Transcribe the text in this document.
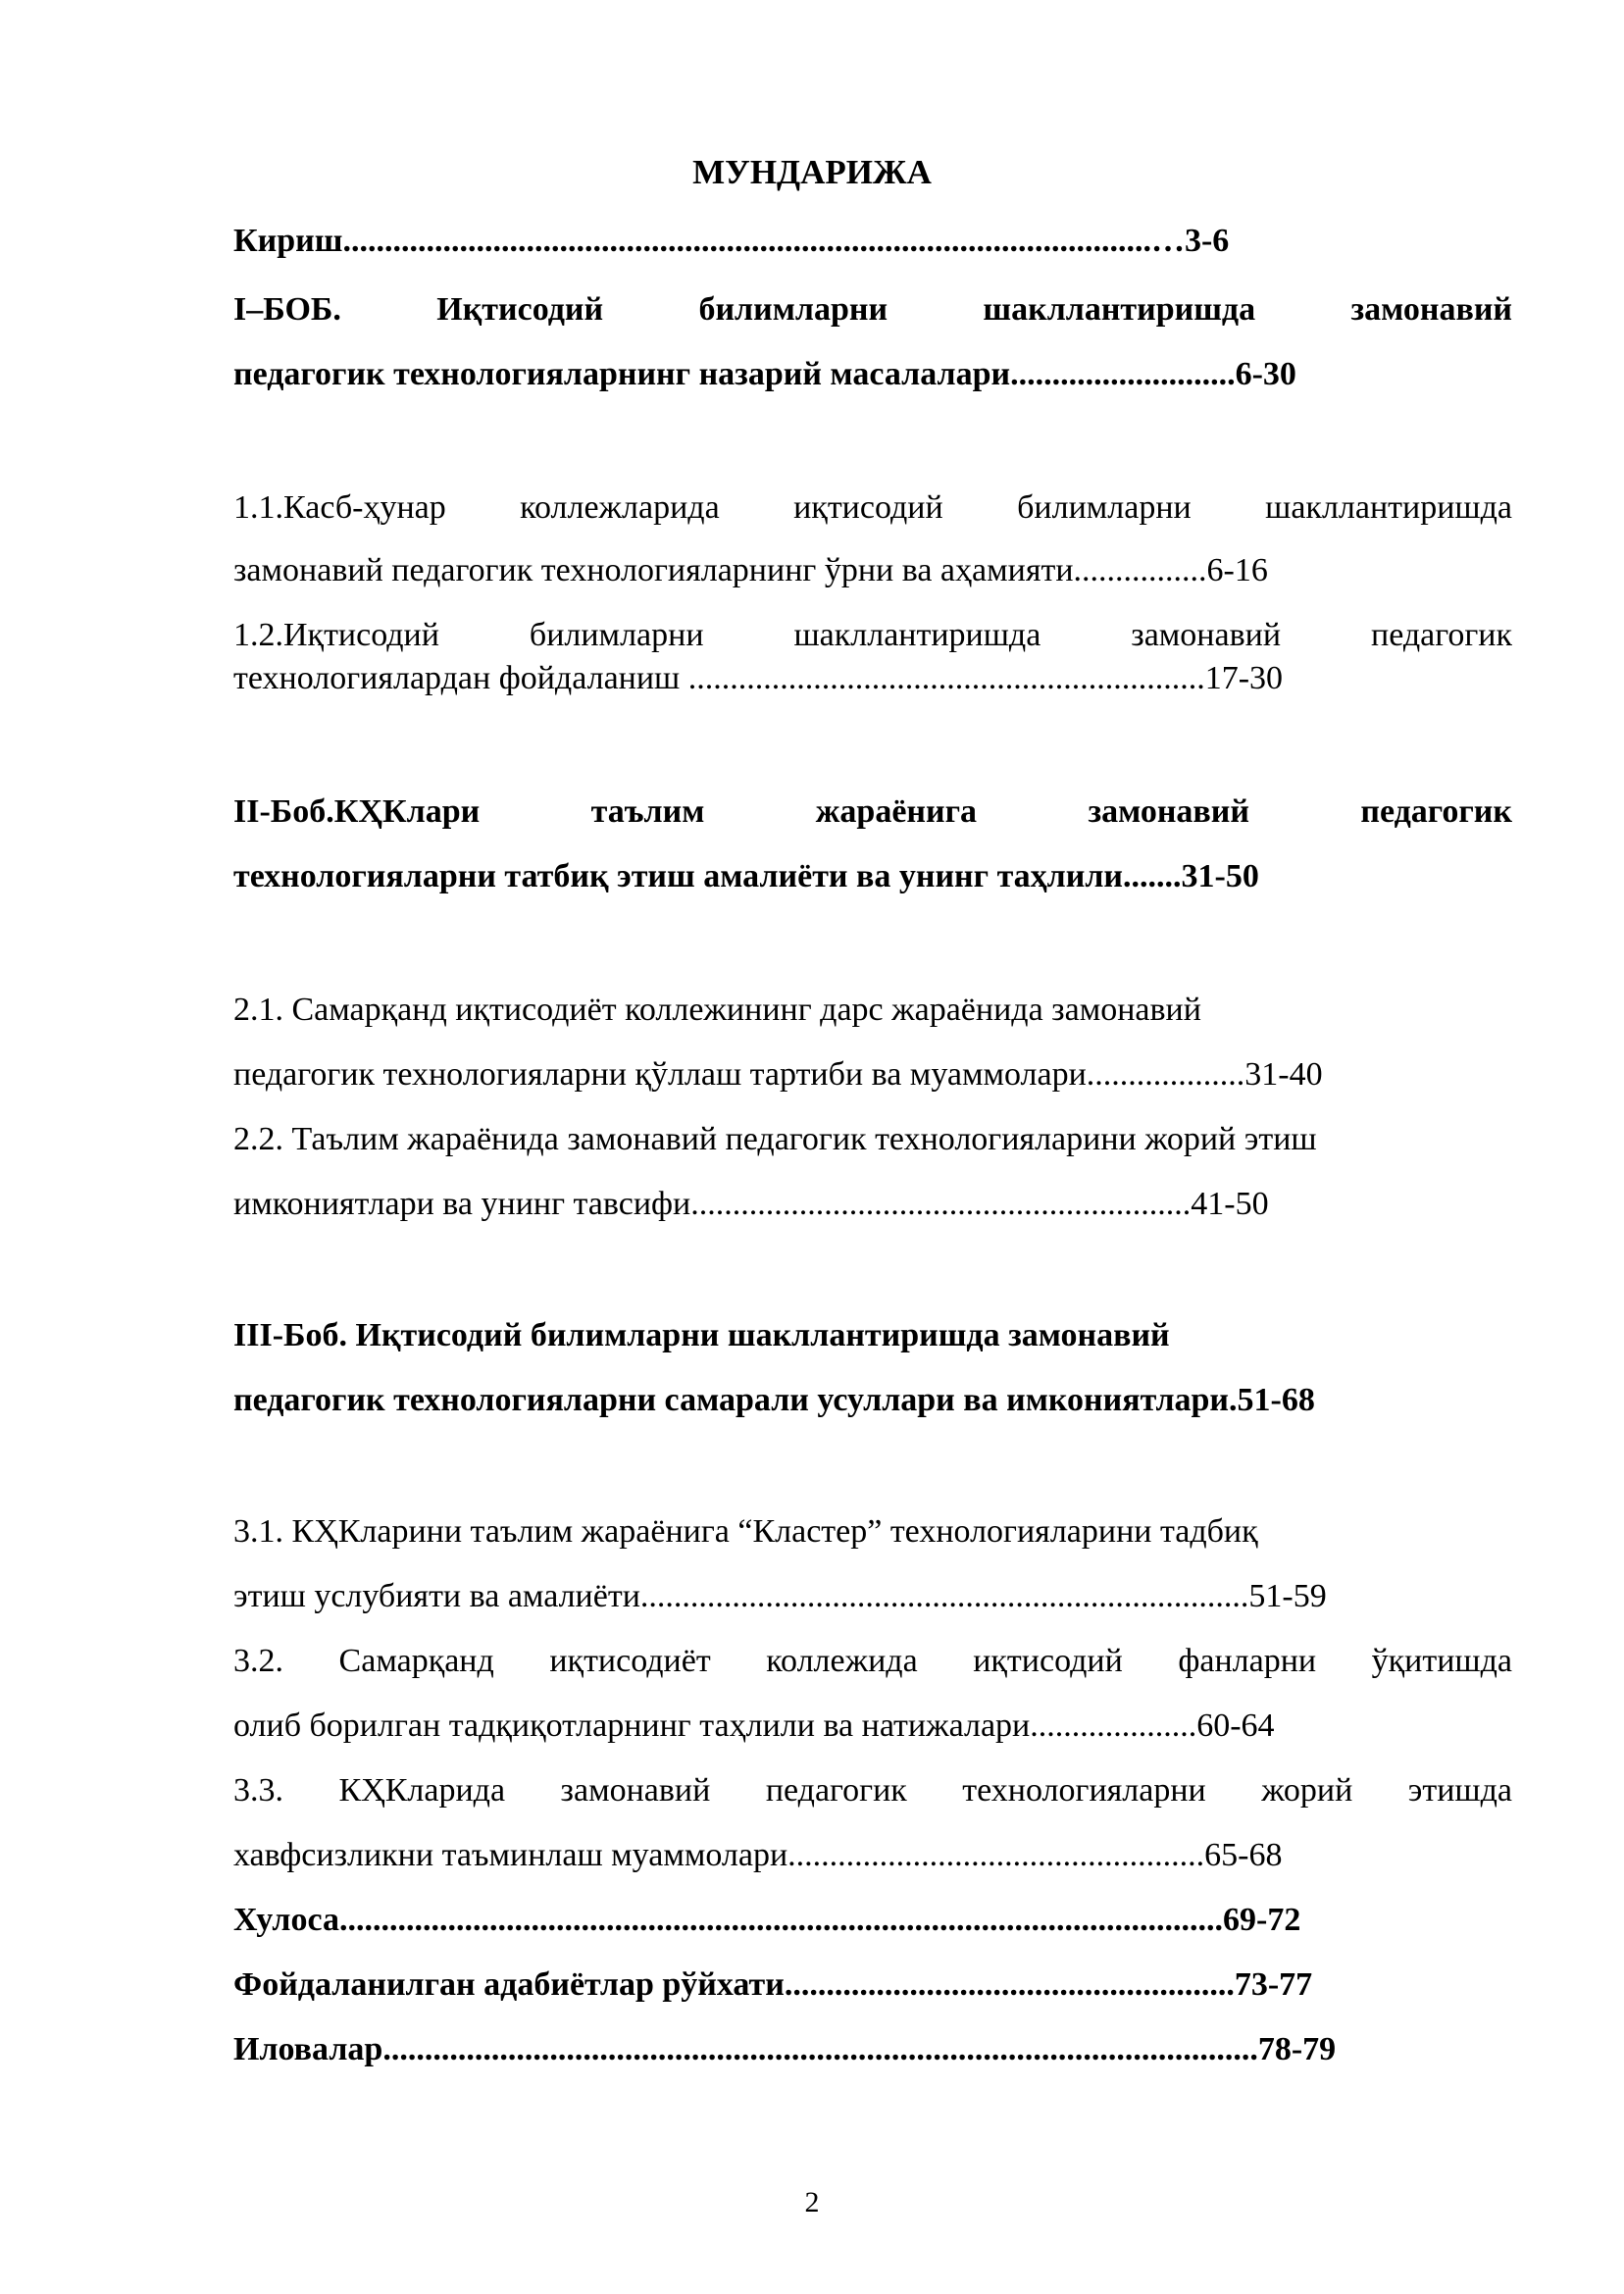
МУНДАРИЖА
Кириш.................................................................................................…3-6
I–БОБ. Иқтисодий билимларни шакллантиришда замонавий
педагогик технологияларнинг назарий масалалари...........................6-30
1.1.Касб-ҳунар коллежларида иқтисодий билимларни шакллантиришда
замонавий педагогик технологияларнинг ўрни ва аҳамияти................6-16
1.2.Иқтисодий билимларни шакллантиришда замонавий педагогик
технологиялардан фойдаланиш ..............................................................17-30
II-Боб.КҲКлари таълим жараёнига замонавий педагогик
технологияларни татбиқ этиш амалиёти ва унинг таҳлили.......31-50
2.1. Самарқанд иқтисодиёт коллежининг дарс жараёнида замонавий
педагогик технологияларни қўллаш тартиби ва муаммолари...................31-40
2.2. Таълим жараёнида замонавий педагогик технологияларини жорий этиш
имкониятлари ва унинг тавсифи............................................................41-50
III-Боб. Иқтисодий билимларни шакллантиришда замонавий
педагогик технологияларни самарали усуллари ва имкониятлари.51-68
3.1. КҲКларини таълим жараёнига “Кластер” технологияларини тадбиқ
этиш услубияти ва амалиёти.........................................................................51-59
3.2. Самарқанд иқтисодиёт коллежида иқтисодий фанларни ўқитишда
олиб борилган тадқиқотларнинг таҳлили ва натижалари....................60-64
3.3. КҲКларида замонавий педагогик технологияларни жорий этишда
хавфсизликни таъминлаш муаммолари..................................................65-68
Хулоса..........................................................................................................69-72
Фойдаланилган адабиётлар рўйхати......................................................73-77
Иловалар.........................................................................................................78-79
2
